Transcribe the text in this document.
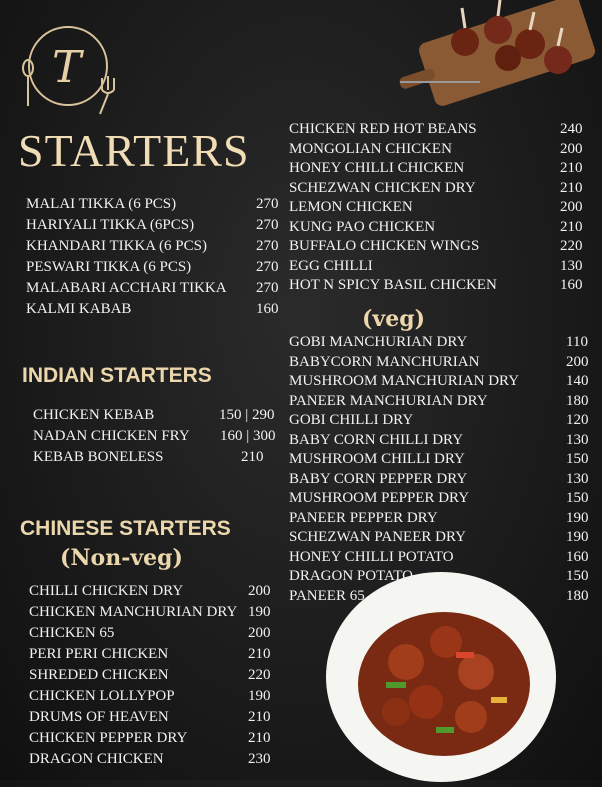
T
STARTERS
MALAI TIKKA (6 PCS)	270
HARIYALI TIKKA (6PCS)	270
KHANDARI TIKKA (6 PCS)	270
PESWARI TIKKA (6 PCS)	270
MALABARI ACCHARI TIKKA 270
KALMI KABAB	160
INDIAN STARTERS
CHICKEN KEBAB	150 | 290
NADAN CHICKEN FRY 160 | 300
KEBAB BONELESS	210
CHINESE STARTERS
(Non-veg)
CHILLI CHICKEN DRY	200
CHICKEN MANCHURIAN DRY 190
CHICKEN 65	200
PERI PERI CHICKEN	210
SHREDED CHICKEN	220
CHICKEN LOLLYPOP	190
DRUMS OF HEAVEN	210
CHICKEN PEPPER DRY	210
DRAGON CHICKEN	230
CHICKEN RED HOT BEANS	240
MONGOLIAN CHICKEN	200
HONEY CHILLI CHICKEN	210
SCHEZWAN CHICKEN DRY	210
LEMON CHICKEN	200
KUNG PAO CHICKEN	210
BUFFALO CHICKEN WINGS	220
EGG CHILLI	130
HOT N SPICY BASIL CHICKEN	160
(veg)
GOBI MANCHURIAN DRY	110
BABYCORN MANCHURIAN	200
MUSHROOM MANCHURIAN DRY	140
PANEER MANCHURIAN DRY	180
GOBI CHILLI DRY	120
BABY CORN CHILLI DRY	130
MUSHROOM CHILLI DRY	150
BABY CORN PEPPER DRY	130
MUSHROOM PEPPER DRY	150
PANEER PEPPER DRY	190
SCHEZWAN PANEER DRY	190
HONEY CHILLI POTATO	160
DRAGON POTATO	150
PANEER 65	180
